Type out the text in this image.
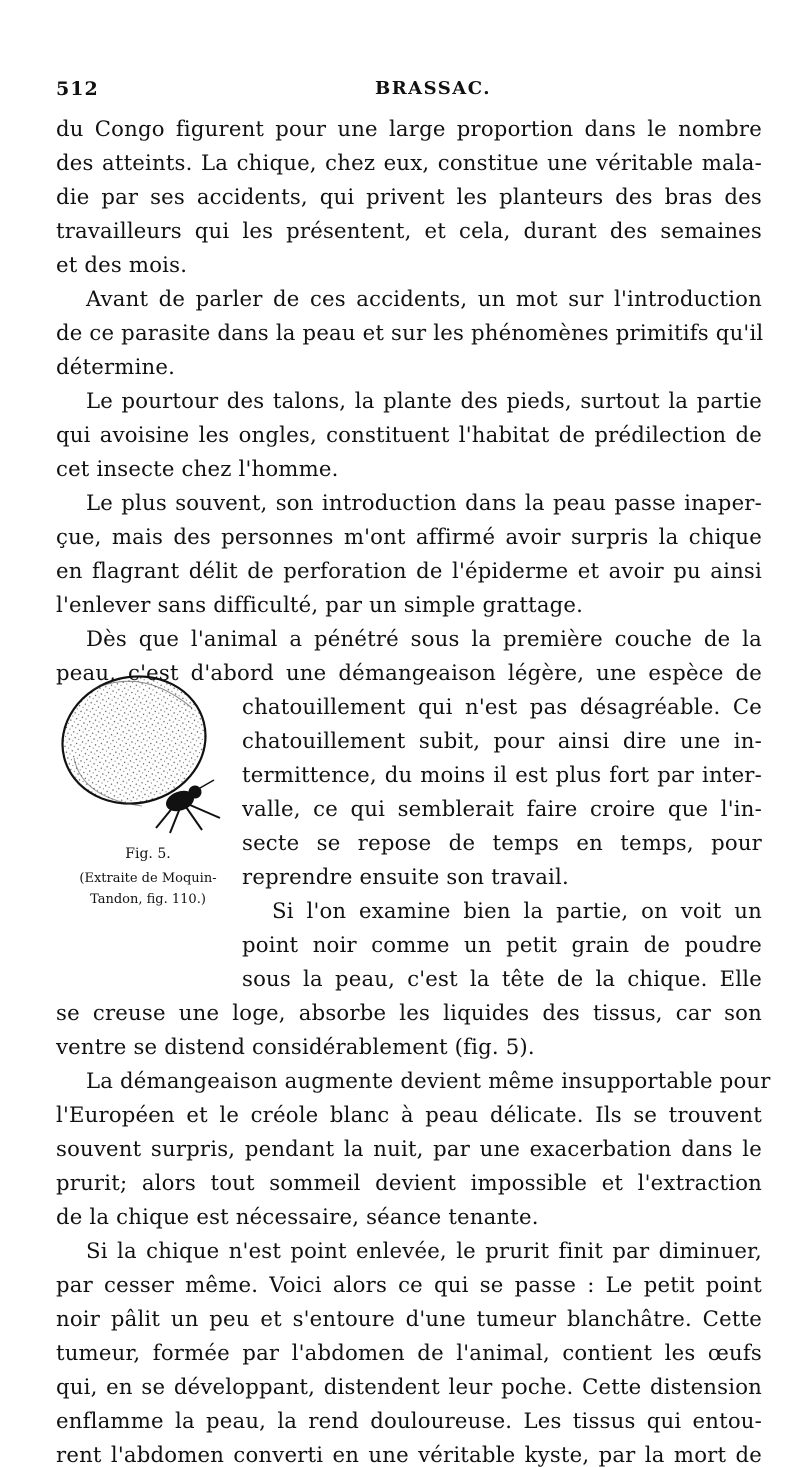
512	BRASSAC.
du Congo figurent pour une large proportion dans le nombre
des atteints. La chique, chez eux, constitue une véritable mala-
die par ses accidents, qui privent les planteurs des bras des
travailleurs qui les présentent, et cela, durant des semaines
et des mois.
Avant de parler de ces accidents, un mot sur l'introduction
de ce parasite dans la peau et sur les phénomènes primitifs qu'il
détermine.
Le pourtour des talons, la plante des pieds, surtout la partie
qui avoisine les ongles, constituent l'habitat de prédilection de
cet insecte chez l'homme.
Le plus souvent, son introduction dans la peau passe inaper-
çue, mais des personnes m'ont affirmé avoir surpris la chique
en flagrant délit de perforation de l'épiderme et avoir pu ainsi
l'enlever sans difficulté, par un simple grattage.
Dès que l'animal a pénétré sous la première couche de la
peau, c'est d'abord une démangeaison légère, une espèce de
chatouillement qui n'est pas désagréable. Ce
chatouillement subit, pour ainsi dire une in-
termittence, du moins il est plus fort par inter-
valle, ce qui semblerait faire croire que l'in-
secte se repose de temps en temps, pour
reprendre ensuite son travail.
Si l'on examine bien la partie, on voit un
point noir comme un petit grain de poudre
sous la peau, c'est la tête de la chique. Elle
se creuse une loge, absorbe les liquides des tissus, car son
ventre se distend considérablement (fig. 5).
La démangeaison augmente devient même insupportable pour
l'Européen et le créole blanc à peau délicate. Ils se trouvent
souvent surpris, pendant la nuit, par une exacerbation dans le
prurit; alors tout sommeil devient impossible et l'extraction
de la chique est nécessaire, séance tenante.
Si la chique n'est point enlevée, le prurit finit par diminuer,
par cesser même. Voici alors ce qui se passe : Le petit point
noir pâlit un peu et s'entoure d'une tumeur blanchâtre. Cette
tumeur, formée par l'abdomen de l'animal, contient les œufs
qui, en se développant, distendent leur poche. Cette distension
enflamme la peau, la rend douloureuse. Les tissus qui entou-
rent l'abdomen converti en une véritable kyste, par la mort de
Fig. 5.
(Extraite de Moquin-
Tandon, fig. 110.)
